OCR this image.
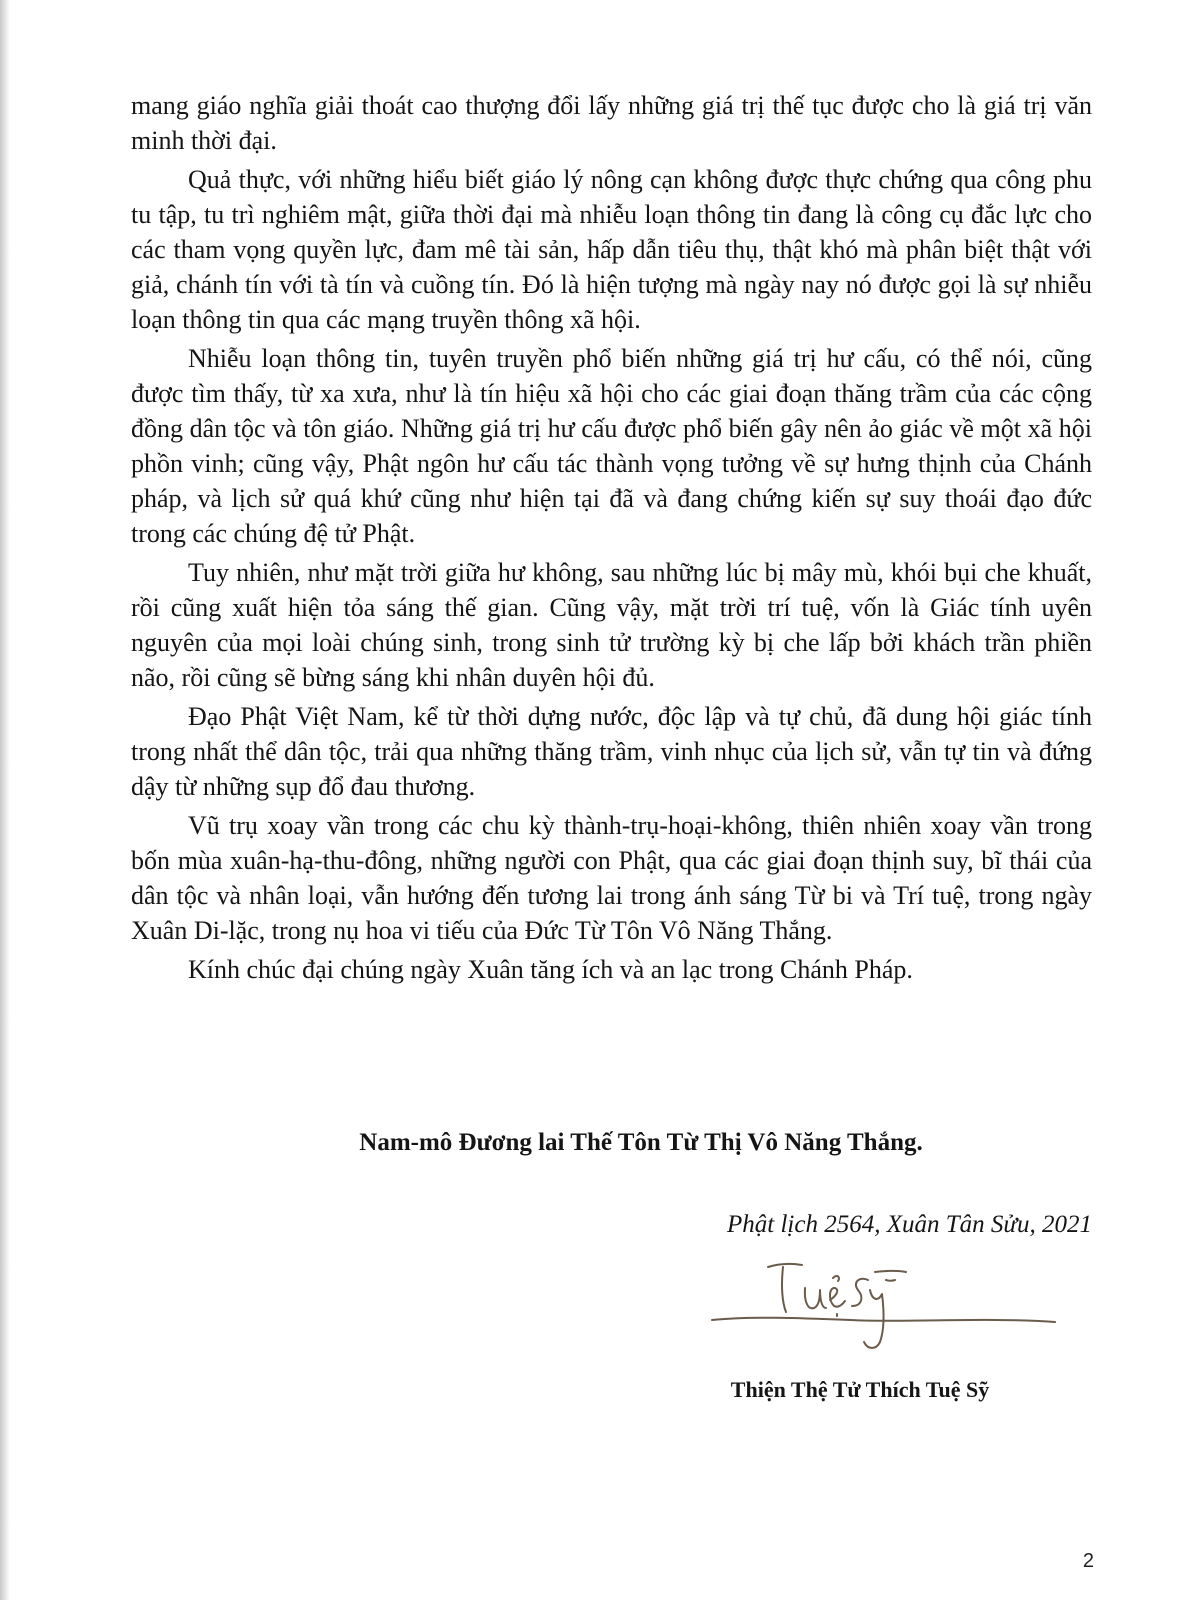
mang giáo nghĩa giải thoát cao thượng đổi lấy những giá trị thế tục được cho là giá trị văn minh thời đại.

Quả thực, với những hiểu biết giáo lý nông cạn không được thực chứng qua công phu tu tập, tu trì nghiêm mật, giữa thời đại mà nhiễu loạn thông tin đang là công cụ đắc lực cho các tham vọng quyền lực, đam mê tài sản, hấp dẫn tiêu thụ, thật khó mà phân biệt thật với giả, chánh tín với tà tín và cuồng tín. Đó là hiện tượng mà ngày nay nó được gọi là sự nhiễu loạn thông tin qua các mạng truyền thông xã hội.

Nhiễu loạn thông tin, tuyên truyền phổ biến những giá trị hư cấu, có thể nói, cũng được tìm thấy, từ xa xưa, như là tín hiệu xã hội cho các giai đoạn thăng trầm của các cộng đồng dân tộc và tôn giáo. Những giá trị hư cấu được phổ biến gây nên ảo giác về một xã hội phồn vinh; cũng vậy, Phật ngôn hư cấu tác thành vọng tưởng về sự hưng thịnh của Chánh pháp, và lịch sử quá khứ cũng như hiện tại đã và đang chứng kiến sự suy thoái đạo đức trong các chúng đệ tử Phật.

Tuy nhiên, như mặt trời giữa hư không, sau những lúc bị mây mù, khói bụi che khuất, rồi cũng xuất hiện tỏa sáng thế gian. Cũng vậy, mặt trời trí tuệ, vốn là Giác tính uyên nguyên của mọi loài chúng sinh, trong sinh tử trường kỳ bị che lấp bởi khách trần phiền não, rồi cũng sẽ bừng sáng khi nhân duyên hội đủ.

Đạo Phật Việt Nam, kể từ thời dựng nước, độc lập và tự chủ, đã dung hội giác tính trong nhất thể dân tộc, trải qua những thăng trầm, vinh nhục của lịch sử, vẫn tự tin và đứng dậy từ những sụp đổ đau thương.

Vũ trụ xoay vần trong các chu kỳ thành-trụ-hoại-không, thiên nhiên xoay vần trong bốn mùa xuân-hạ-thu-đông, những người con Phật, qua các giai đoạn thịnh suy, bĩ thái của dân tộc và nhân loại, vẫn hướng đến tương lai trong ánh sáng Từ bi và Trí tuệ, trong ngày Xuân Di-lặc, trong nụ hoa vi tiếu của Đức Từ Tôn Vô Năng Thắng.

Kính chúc đại chúng ngày Xuân tăng ích và an lạc trong Chánh Pháp.

Nam-mô Đương lai Thế Tôn Từ Thị Vô Năng Thắng.

Phật lịch 2564, Xuân Tân Sửu, 2021

Thiện Thệ Tử Thích Tuệ Sỹ

2
